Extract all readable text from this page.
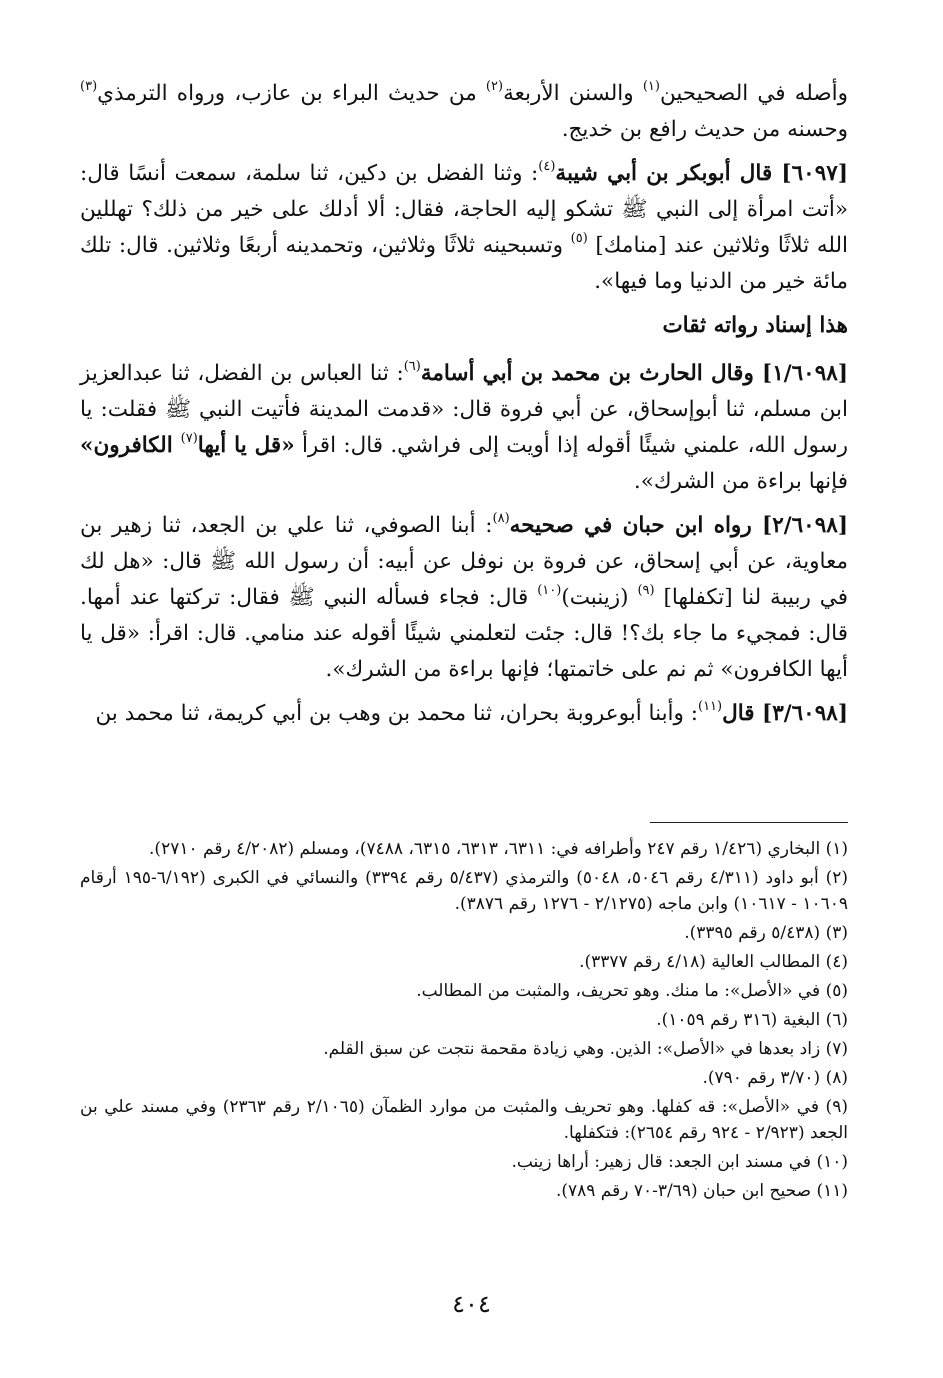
وأصله في الصحيحين$^{(١)}$ والسنن الأربعة$^{(٢)}$ من حديث البراء بن عازب، ورواه الترمذي$^{(٣)}$ وحسنه من حديث رافع بن خديج.

[٦٠٩٧] قال أبوبكر بن أبي شيبة$^{(٤)}$: وثنا الفضل بن دكين، ثنا سلمة، سمعت أنسًا قال: «أتت امرأة إلى النبي ﷺ تشكو إليه الحاجة، فقال: ألا أدلك على خير من ذلك؟ تهللين الله ثلاثًا وثلاثين عند [منامك] $^{(٥)}$ وتسبحينه ثلاثًا وثلاثين، وتحمدينه أربعًا وثلاثين. قال: تلك مائة خير من الدنيا وما فيها».

هذا إسناد رواته ثقات

[١/٦٠٩٨] وقال الحارث بن محمد بن أبي أسامة$^{(٦)}$: ثنا العباس بن الفضل، ثنا عبدالعزيز ابن مسلم، ثنا أبوإسحاق، عن أبي فروة قال: «قدمت المدينة فأتيت النبي ﷺ فقلت: يا رسول الله، علمني شيئًا أقوله إذا أويت إلى فراشي. قال: اقرأ «قل يا أيها$^{(٧)}$ الكافرون» فإنها براءة من الشرك».

[٢/٦٠٩٨] رواه ابن حبان في صحيحه$^{(٨)}$: أبنا الصوفي، ثنا علي بن الجعد، ثنا زهير بن معاوية، عن أبي إسحاق، عن فروة بن نوفل عن أبيه: أن رسول الله ﷺ قال: «هل لك في ربيبة لنا [تكفلها] $^{(٩)}$ (زينبت)$^{(١٠)}$ قال: فجاء فسأله النبي ﷺ فقال: تركتها عند أمها. قال: فمجيء ما جاء بك؟! قال: جئت لتعلمني شيئًا أقوله عند منامي. قال: اقرأ: «قل يا أيها الكافرون» ثم نم على خاتمتها؛ فإنها براءة من الشرك».

[٣/٦٠٩٨] قال$^{(١١)}$: وأبنا أبوعروبة بحران، ثنا محمد بن وهب بن أبي كريمة، ثنا محمد بن

(١) البخاري (١/٤٢٦ رقم ٢٤٧ وأطرافه في: ٦٣١١، ٦٣١٣، ٦٣١٥، ٧٤٨٨)، ومسلم (٤/٢٠٨٢ رقم ٢٧١٠).
(٢) أبو داود (٤/٣١١ رقم ٥٠٤٦، ٥٠٤٨) والترمذي (٥/٤٣٧ رقم ٣٣٩٤) والنسائي في الكبرى (٦/١٩٢-١٩٥ أرقام ١٠٦٠٩ - ١٠٦١٧) وابن ماجه (٢/١٢٧٥ - ١٢٧٦ رقم ٣٨٧٦).
(٣) (٥/٤٣٨ رقم ٣٣٩٥).
(٤) المطالب العالية (٤/١٨ رقم ٣٣٧٧).
(٥) في «الأصل»: ما منك. وهو تحريف، والمثبت من المطالب.
(٦) البغية (٣١٦ رقم ١٠٥٩).
(٧) زاد بعدها في «الأصل»: الذين. وهي زيادة مقحمة نتجت عن سبق القلم.
(٨) (٣/٧٠ رقم ٧٩٠).
(٩) في «الأصل»: قه كفلها. وهو تحريف والمثبت من موارد الظمآن (٢/١٠٦٥ رقم ٢٣٦٣) وفي مسند علي بن الجعد (٢/٩٢٣ - ٩٢٤ رقم ٢٦٥٤): فتكفلها.
(١٠) في مسند ابن الجعد: قال زهير: أراها زينب.
(١١) صحيح ابن حبان (٣/٦٩-٧٠ رقم ٧٨٩).
٤٠٤
